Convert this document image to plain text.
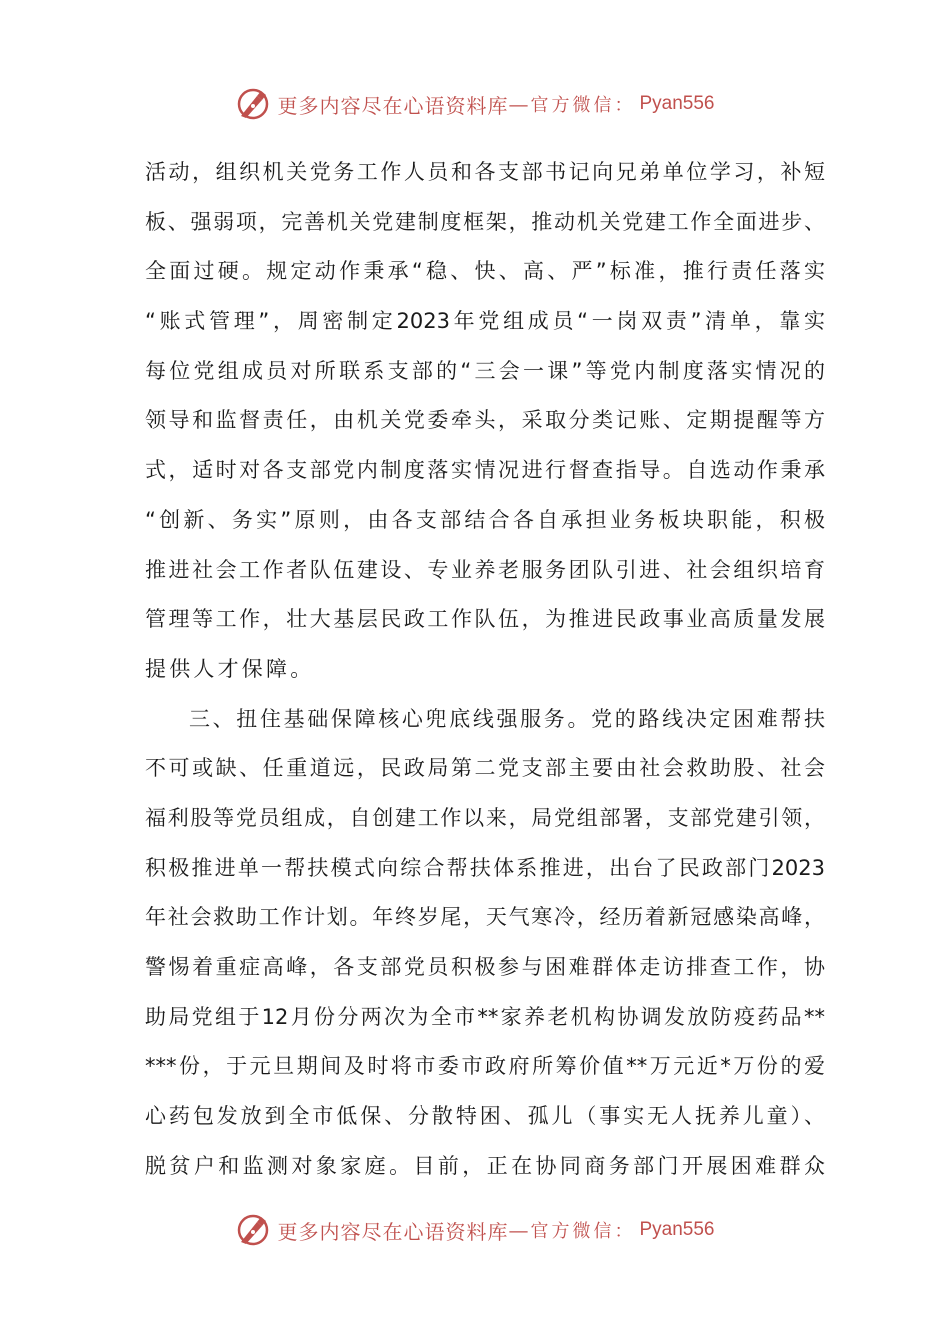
更多内容尽在心语资料库 — 官方微信： Pyan556
活动，组织机关党务工作人员和各支部书记向兄弟单位学习，补短
板、强弱项，完善机关党建制度框架，推动机关党建工作全面进步、
全面过硬。规定动作秉承“稳、快、高、严”标准，推行责任落实
“账式管理”，周密制定2023年党组成员“一岗双责”清单，靠实
每位党组成员对所联系支部的“三会一课”等党内制度落实情况的
领导和监督责任，由机关党委牵头，采取分类记账、定期提醒等方
式，适时对各支部党内制度落实情况进行督查指导。自选动作秉承
“创新、务实”原则，由各支部结合各自承担业务板块职能，积极
推进社会工作者队伍建设、专业养老服务团队引进、社会组织培育
管理等工作，壮大基层民政工作队伍，为推进民政事业高质量发展
提供人才保障。
三、扭住基础保障核心兜底线强服务。党的路线决定困难帮扶
不可或缺、任重道远，民政局第二党支部主要由社会救助股、社会
福利股等党员组成，自创建工作以来，局党组部署，支部党建引领，
积极推进单一帮扶模式向综合帮扶体系推进，出台了民政部门2023
年社会救助工作计划。年终岁尾，天气寒冷，经历着新冠感染高峰，
警惕着重症高峰，各支部党员积极参与困难群体走访排查工作，协
助局党组于12月份分两次为全市**家养老机构协调发放防疫药品**
***份，于元旦期间及时将市委市政府所筹价值**万元近*万份的爱
心药包发放到全市低保、分散特困、孤儿（事实无人抚养儿童）、
脱贫户和监测对象家庭。目前，正在协同商务部门开展困难群众
更多内容尽在心语资料库 — 官方微信： Pyan556
